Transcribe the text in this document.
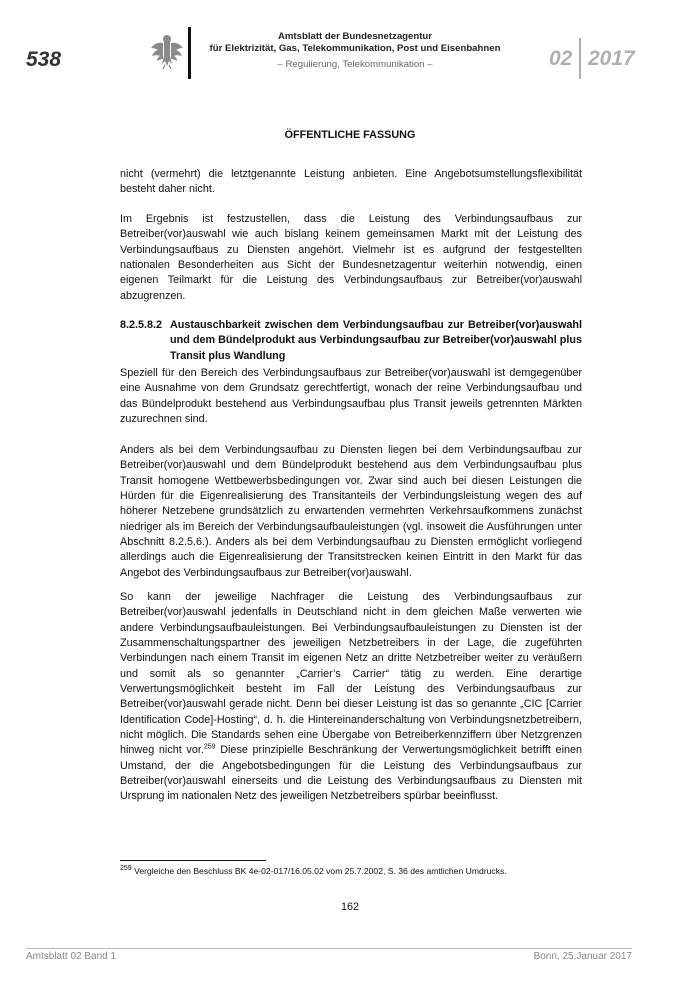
538
Amtsblatt der Bundesnetzagentur
für Elektrizität, Gas, Telekommunikation, Post und Eisenbahnen
– Regulierung, Telekommunikation –	02 2017
ÖFFENTLICHE FASSUNG

nicht (vermehrt) die letztgenannte Leistung anbieten. Eine Angebotsumstellungsflexibilität besteht daher nicht.

Im Ergebnis ist festzustellen, dass die Leistung des Verbindungsaufbaus zur Betreiber(vor)auswahl wie auch bislang keinem gemeinsamen Markt mit der Leistung des Verbindungsaufbaus zu Diensten angehört. Vielmehr ist es aufgrund der festgestellten nationalen Besonderheiten aus Sicht der Bundesnetzagentur weiterhin notwendig, einen eigenen Teilmarkt für die Leistung des Verbindungsaufbaus zur Betreiber(vor)auswahl abzugrenzen.

8.2.5.8.2 Austauschbarkeit zwischen dem Verbindungsaufbau zur Betreiber(vor)auswahl und dem Bündelprodukt aus Verbindungsaufbau zur Betreiber(vor)auswahl plus Transit plus Wandlung

Speziell für den Bereich des Verbindungsaufbaus zur Betreiber(vor)auswahl ist demgegenüber eine Ausnahme von dem Grundsatz gerechtfertigt, wonach der reine Verbindungsaufbau und das Bündelprodukt bestehend aus Verbindungsaufbau plus Transit jeweils getrennten Märkten zuzurechnen sind.

Anders als bei dem Verbindungsaufbau zu Diensten liegen bei dem Verbindungsaufbau zur Betreiber(vor)auswahl und dem Bündelprodukt bestehend aus dem Verbindungsaufbau plus Transit homogene Wettbewerbsbedingungen vor. Zwar sind auch bei diesen Leistungen die Hürden für die Eigenrealisierung des Transitanteils der Verbindungsleistung wegen des auf höherer Netzebene grundsätzlich zu erwartenden vermehrten Verkehrsaufkommens zunächst niedriger als im Bereich der Verbindungsaufbauleistungen (vgl. insoweit die Ausführungen unter Abschnitt 8.2.5.6.). Anders als bei dem Verbindungsaufbau zu Diensten ermöglicht vorliegend allerdings auch die Eigenrealisierung der Transitstrecken keinen Eintritt in den Markt für das Angebot des Verbindungsaufbaus zur Betreiber(vor)auswahl.

So kann der jeweilige Nachfrager die Leistung des Verbindungsaufbaus zur Betreiber(vor)auswahl jedenfalls in Deutschland nicht in dem gleichen Maße verwerten wie andere Verbindungsaufbauleistungen. Bei Verbindungsaufbauleistungen zu Diensten ist der Zusammenschaltungspartner des jeweiligen Netzbetreibers in der Lage, die zugeführten Verbindungen nach einem Transit im eigenen Netz an dritte Netzbetreiber weiter zu veräußern und somit als so genannter „Carrier’s Carrier“ tätig zu werden. Eine derartige Verwertungsmöglichkeit besteht im Fall der Leistung des Verbindungsaufbaus zur Betreiber(vor)auswahl gerade nicht. Denn bei dieser Leistung ist das so genannte „CIC [Carrier Identification Code]-Hosting“, d. h. die Hintereinanderschaltung von Verbindungsnetzbetreibern, nicht möglich. Die Standards sehen eine Übergabe von Betreiberkennziffern über Netzgrenzen hinweg nicht vor.$^{259}$ Diese prinzipielle Beschränkung der Verwertungsmöglichkeit betrifft einen Umstand, der die Angebotsbedingungen für die Leistung des Verbindungsaufbaus zur Betreiber(vor)auswahl einerseits und die Leistung des Verbindungsaufbaus zu Diensten mit Ursprung im nationalen Netz des jeweiligen Netzbetreibers spürbar beeinflusst.

$^{259}$ Vergleiche den Beschluss BK 4e-02-017/16.05.02 vom 25.7.2002, S. 36 des amtlichen Umdrucks.
162
Amtsblatt 02 Band 1	Bonn, 25.Januar 2017
